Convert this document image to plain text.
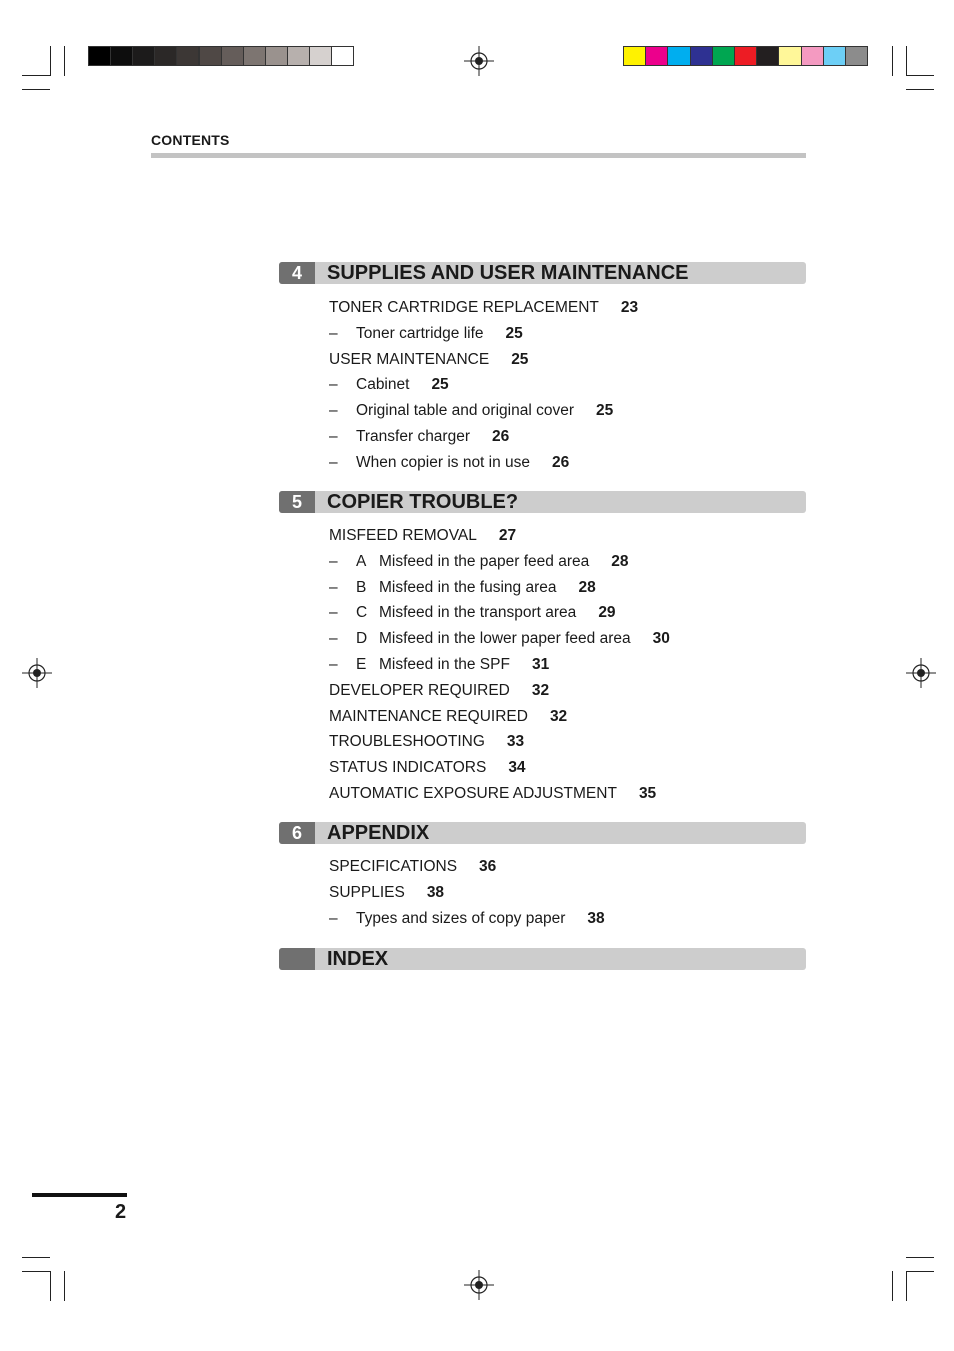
CONTENTS
4	SUPPLIES AND USER MAINTENANCE
TONER CARTRIDGE REPLACEMENT 23
– Toner cartridge life 25
USER MAINTENANCE 25
– Cabinet 25
– Original table and original cover 25
– Transfer charger 26
– When copier is not in use 26
5	COPIER TROUBLE?
MISFEED REMOVAL 27
– A Misfeed in the paper feed area 28
– B Misfeed in the fusing area 28
– C Misfeed in the transport area 29
– D Misfeed in the lower paper feed area 30
– E Misfeed in the SPF 31
DEVELOPER REQUIRED 32
MAINTENANCE REQUIRED 32
TROUBLESHOOTING 33
STATUS INDICATORS 34
AUTOMATIC EXPOSURE ADJUSTMENT 35
6	APPENDIX
SPECIFICATIONS 36
SUPPLIES 38
– Types and sizes of copy paper 38
INDEX
2
